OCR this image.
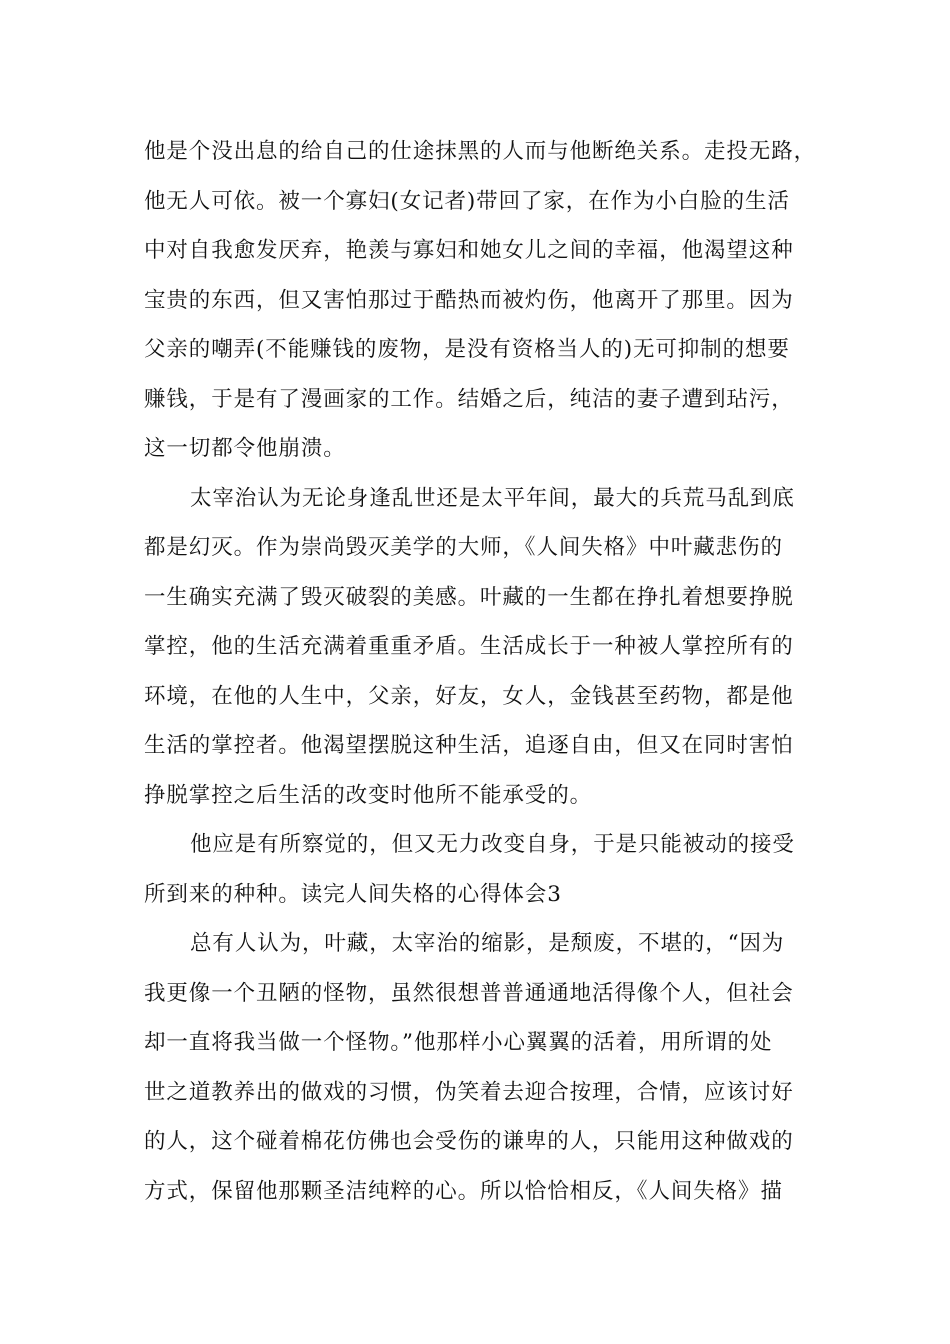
他是个没出息的给自己的仕途抹黑的人而与他断绝关系。走投无路，
他无人可依。被一个寡妇(女记者)带回了家，在作为小白脸的生活
中对自我愈发厌弃，艳羡与寡妇和她女儿之间的幸福，他渴望这种
宝贵的东西，但又害怕那过于酷热而被灼伤，他离开了那里。因为
父亲的嘲弄(不能赚钱的废物，是没有资格当人的)无可抑制的想要
赚钱，于是有了漫画家的工作。结婚之后，纯洁的妻子遭到玷污，
这一切都令他崩溃。
太宰治认为无论身逢乱世还是太平年间，最大的兵荒马乱到底
都是幻灭。作为崇尚毁灭美学的大师，《人间失格》中叶藏悲伤的
一生确实充满了毁灭破裂的美感。叶藏的一生都在挣扎着想要挣脱
掌控，他的生活充满着重重矛盾。生活成长于一种被人掌控所有的
环境，在他的人生中，父亲，好友，女人，金钱甚至药物，都是他
生活的掌控者。他渴望摆脱这种生活，追逐自由，但又在同时害怕
挣脱掌控之后生活的改变时他所不能承受的。
他应是有所察觉的，但又无力改变自身，于是只能被动的接受
所到来的种种。读完人间失格的心得体会3
总有人认为，叶藏，太宰治的缩影，是颓废，不堪的，“因为
我更像一个丑陋的怪物，虽然很想普普通通地活得像个人，但社会
却一直将我当做一个怪物。”他那样小心翼翼的活着，用所谓的处
世之道教养出的做戏的习惯，伪笑着去迎合按理，合情，应该讨好
的人，这个碰着棉花仿佛也会受伤的谦卑的人，只能用这种做戏的
方式，保留他那颗圣洁纯粹的心。所以恰恰相反，《人间失格》描
